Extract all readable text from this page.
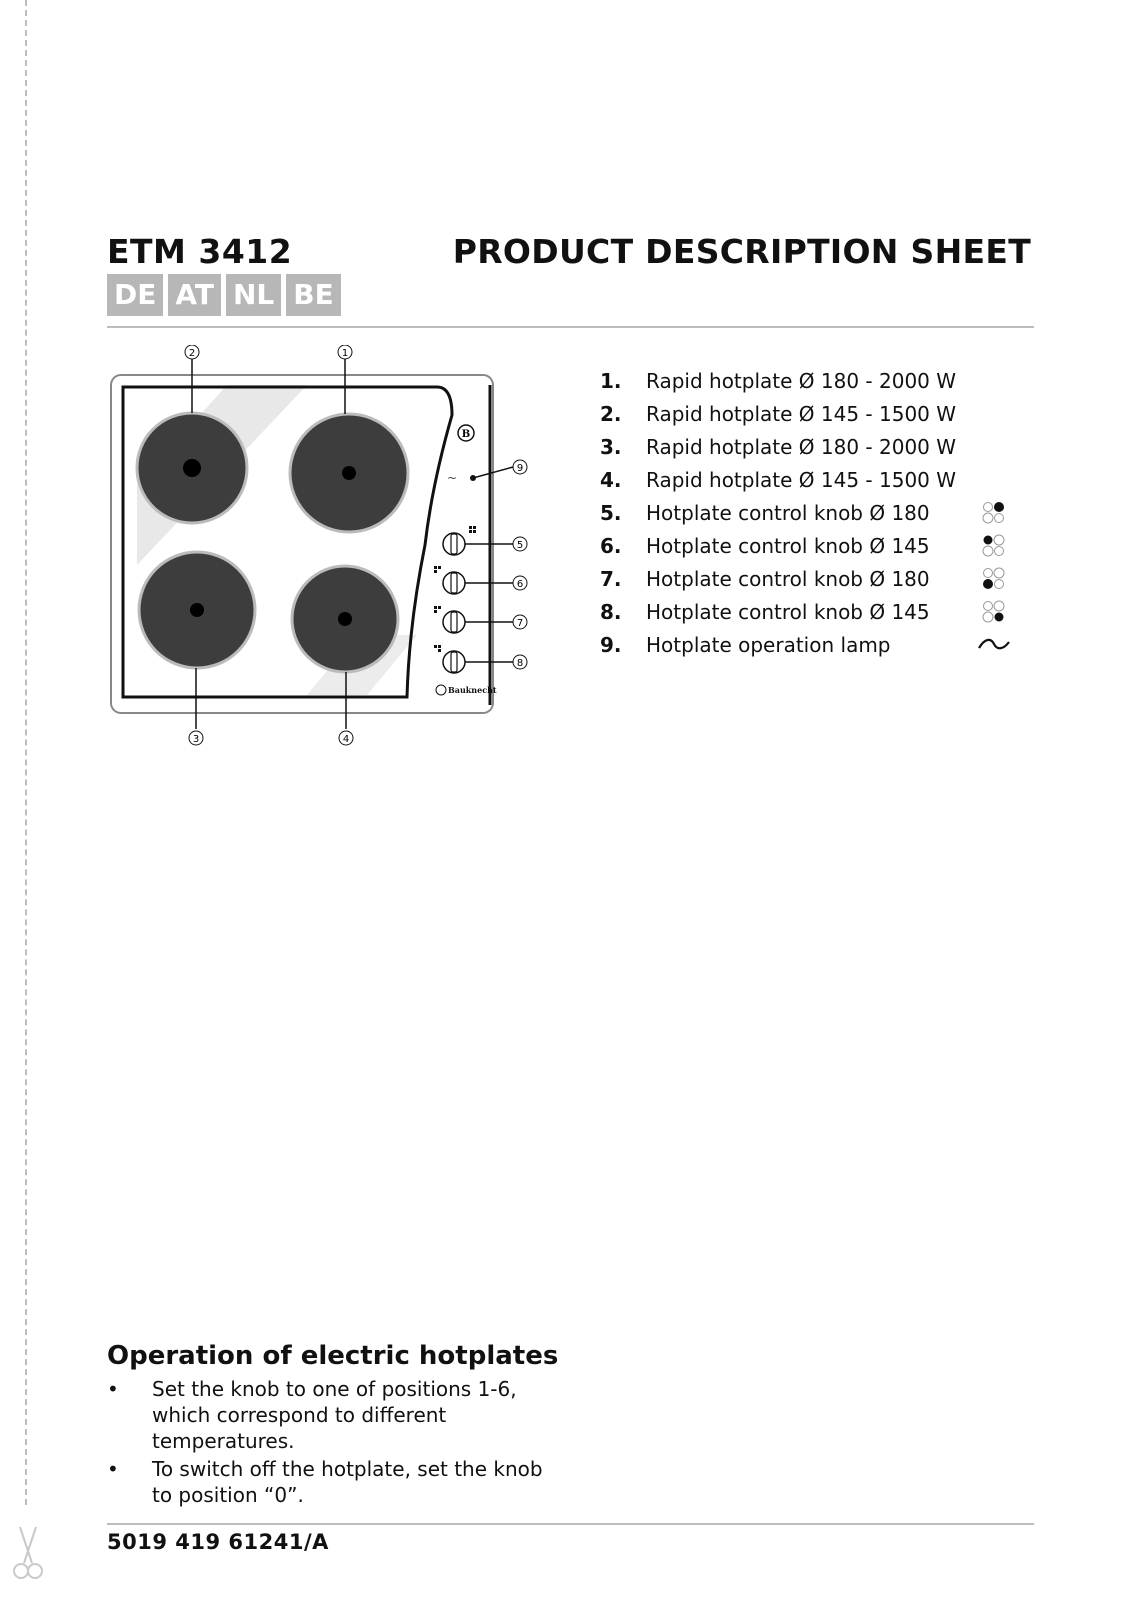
ETM 3412	PRODUCT DESCRIPTION SHEET
DE AT NL BE
B
~
Bauknecht
2	1
9
5
6
7
8
3	4
1.	Rapid hotplate Ø 180 - 2000 W
2.	Rapid hotplate Ø 145 - 1500 W
3.	Rapid hotplate Ø 180 - 2000 W
4.	Rapid hotplate Ø 145 - 1500 W
5.	Hotplate control knob Ø 180
6.	Hotplate control knob Ø 145
7.	Hotplate control knob Ø 180
8.	Hotplate control knob Ø 145
9.	Hotplate operation lamp
Operation of electric hotplates
• Set the knob to one of positions 1-6, which correspond to different temperatures.
• To switch off the hotplate, set the knob to position “0”.
5019 419 61241/A
